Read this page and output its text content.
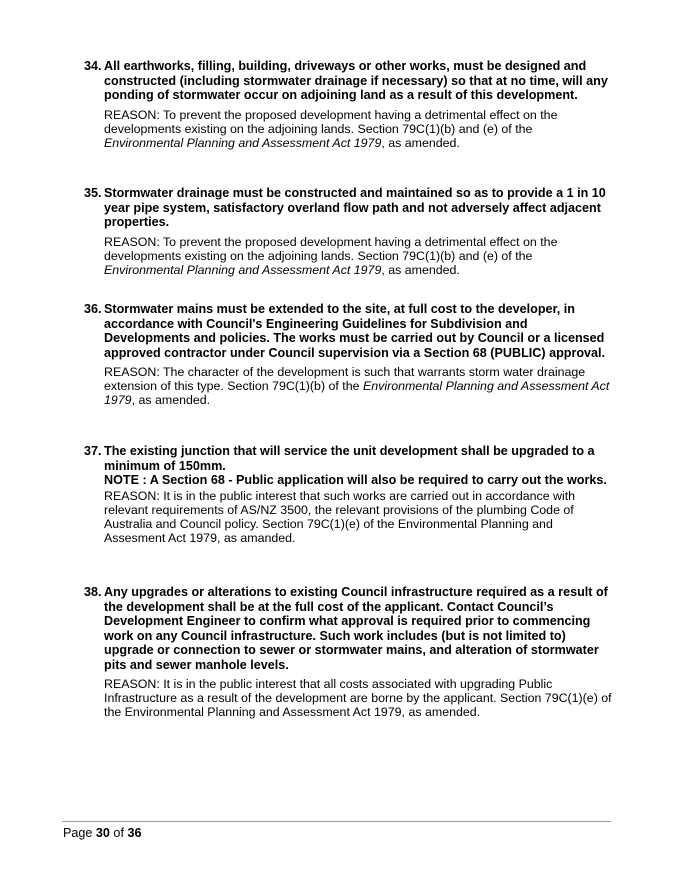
34. All earthworks, filling, building, driveways or other works, must be designed and constructed (including stormwater drainage if necessary) so that at no time, will any ponding of stormwater occur on adjoining land as a result of this development.
REASON: To prevent the proposed development having a detrimental effect on the developments existing on the adjoining lands. Section 79C(1)(b) and (e) of the Environmental Planning and Assessment Act 1979, as amended.
35. Stormwater drainage must be constructed and maintained so as to provide a 1 in 10 year pipe system, satisfactory overland flow path and not adversely affect adjacent properties.
REASON: To prevent the proposed development having a detrimental effect on the developments existing on the adjoining lands. Section 79C(1)(b) and (e) of the Environmental Planning and Assessment Act 1979, as amended.
36. Stormwater mains must be extended to the site, at full cost to the developer, in accordance with Council's Engineering Guidelines for Subdivision and Developments and policies. The works must be carried out by Council or a licensed approved contractor under Council supervision via a Section 68 (PUBLIC) approval.
REASON: The character of the development is such that warrants storm water drainage extension of this type. Section 79C(1)(b) of the Environmental Planning and Assessment Act 1979, as amended.
37. The existing junction that will service the unit development shall be upgraded to a minimum of 150mm.
NOTE : A Section 68 - Public application will also be required to carry out the works.
REASON: It is in the public interest that such works are carried out in accordance with relevant requirements of AS/NZ 3500, the relevant provisions of the plumbing Code of Australia and Council policy. Section 79C(1)(e) of the Environmental Planning and Assesment Act 1979, as amanded.
38. Any upgrades or alterations to existing Council infrastructure required as a result of the development shall be at the full cost of the applicant. Contact Council’s Development Engineer to confirm what approval is required prior to commencing work on any Council infrastructure. Such work includes (but is not limited to) upgrade or connection to sewer or stormwater mains, and alteration of stormwater pits and sewer manhole levels.
REASON: It is in the public interest that all costs associated with upgrading Public Infrastructure as a result of the development are borne by the applicant. Section 79C(1)(e) of the Environmental Planning and Assessment Act 1979, as amended.
Page 30 of 36
